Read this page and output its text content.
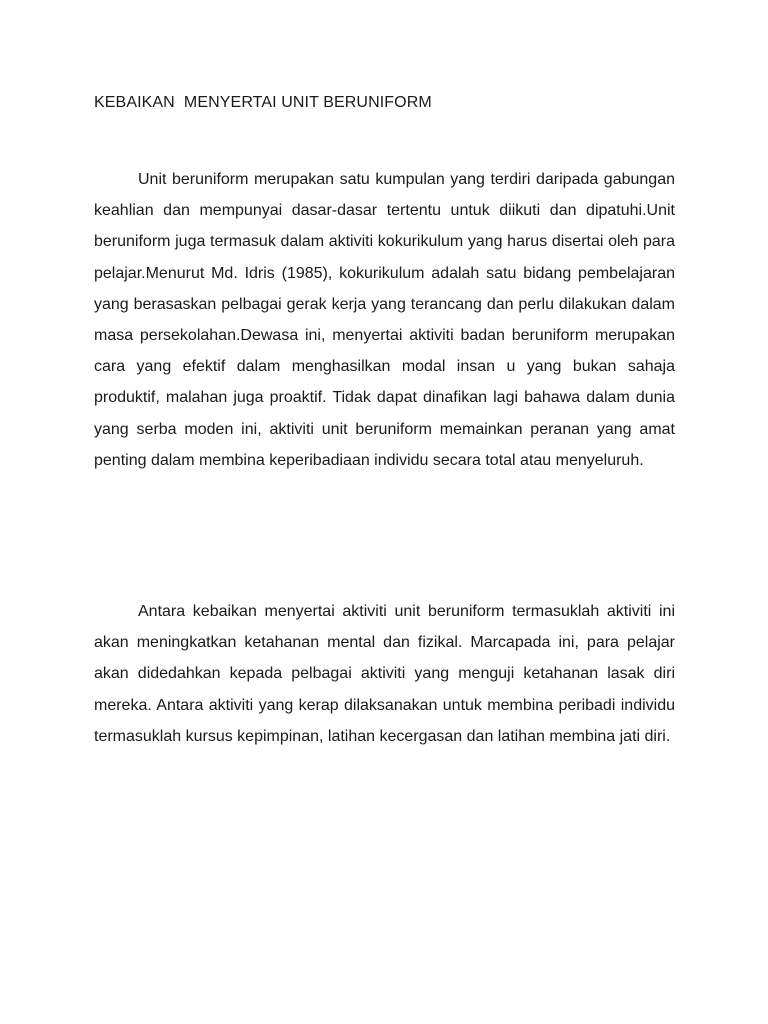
KEBAIKAN  MENYERTAI UNIT BERUNIFORM

Unit beruniform merupakan satu kumpulan yang terdiri daripada gabungan keahlian dan mempunyai dasar-dasar tertentu untuk diikuti dan dipatuhi.Unit beruniform juga termasuk dalam aktiviti kokurikulum yang harus disertai oleh para pelajar.Menurut Md. Idris (1985), kokurikulum adalah satu bidang pembelajaran yang berasaskan pelbagai gerak kerja yang terancang dan perlu dilakukan dalam masa persekolahan.Dewasa ini, menyertai aktiviti badan beruniform merupakan cara yang efektif dalam menghasilkan modal insan u yang bukan sahaja produktif, malahan juga proaktif. Tidak dapat dinafikan lagi bahawa dalam dunia yang serba moden ini, aktiviti unit beruniform memainkan peranan yang amat penting dalam membina keperibadiaan individu secara total atau menyeluruh.

Antara kebaikan menyertai aktiviti unit beruniform termasuklah aktiviti ini akan meningkatkan ketahanan mental dan fizikal. Marcapada ini, para pelajar akan didedahkan kepada pelbagai aktiviti yang menguji ketahanan lasak diri mereka. Antara aktiviti yang kerap dilaksanakan untuk membina peribadi individu termasuklah kursus kepimpinan, latihan kecergasan dan latihan membina jati diri.
